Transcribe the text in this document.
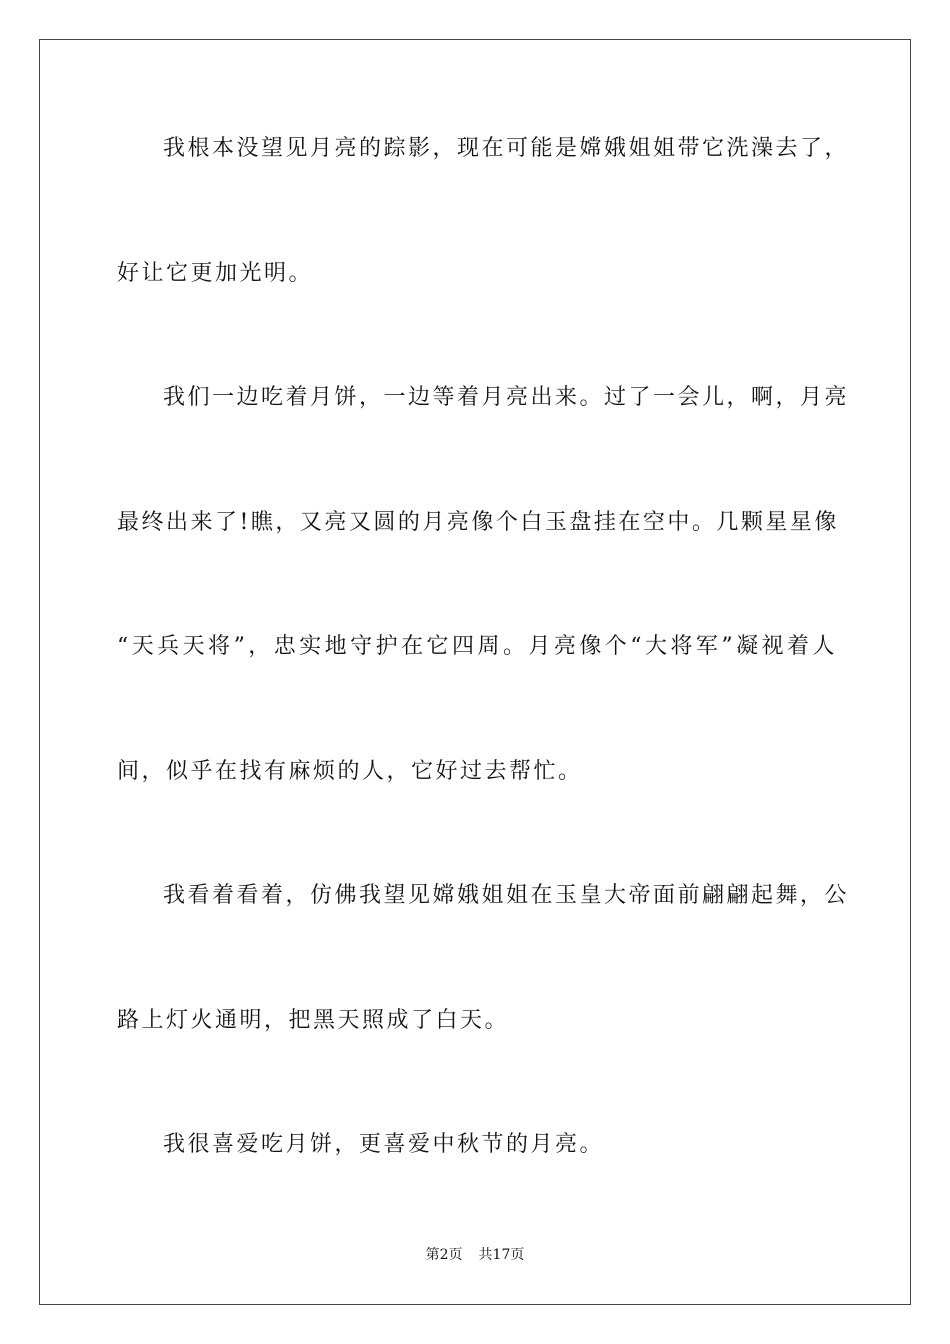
我根本没望见月亮的踪影，现在可能是嫦娥姐姐带它洗澡去了，
好让它更加光明。
我们一边吃着月饼，一边等着月亮出来。过了一会儿，啊，月亮
最终出来了!瞧，又亮又圆的月亮像个白玉盘挂在空中。几颗星星像
“天兵天将”，忠实地守护在它四周。月亮像个“大将军”凝视着人
间，似乎在找有麻烦的人，它好过去帮忙。
我看着看着，仿佛我望见嫦娥姐姐在玉皇大帝面前翩翩起舞，公
路上灯火通明，把黑天照成了白天。
我很喜爱吃月饼，更喜爱中秋节的月亮。
第2页 共17页
